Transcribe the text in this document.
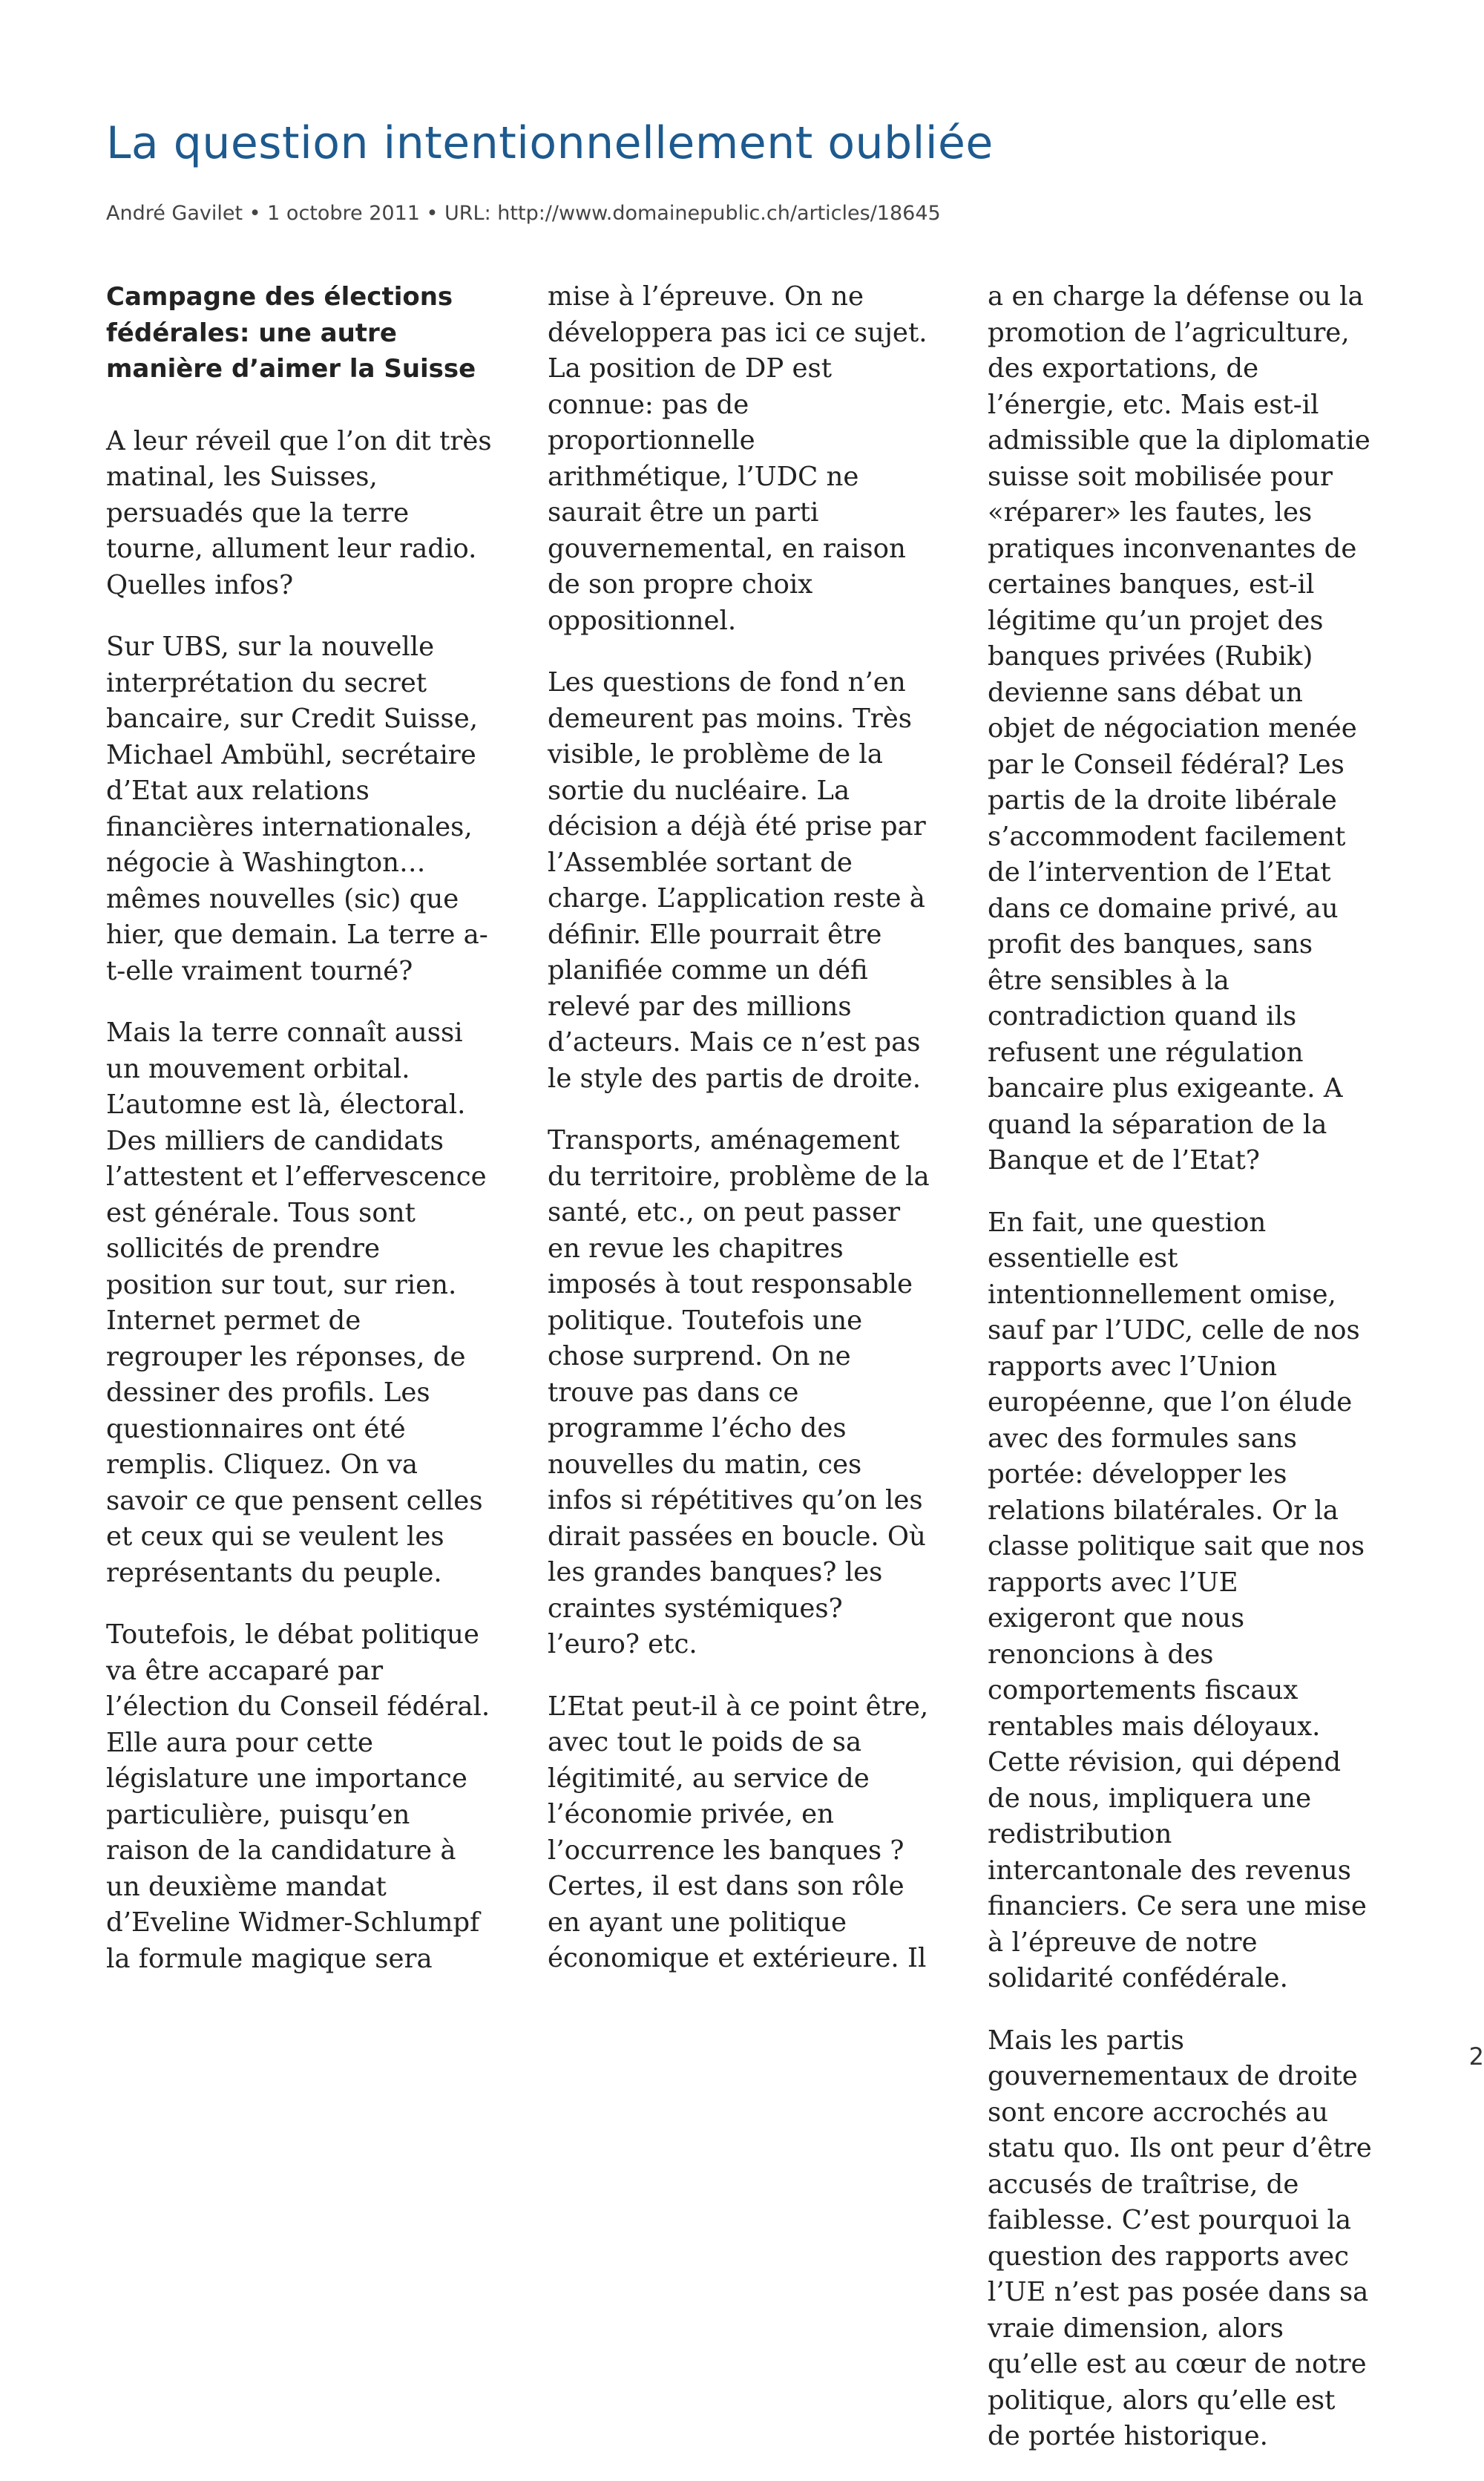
La question intentionnellement oubliée
André Gavilet • 1 octobre 2011 • URL: http://www.domainepublic.ch/articles/18645
Campagne des élections fédérales: une autre manière d’aimer la Suisse

A leur réveil que l’on dit très matinal, les Suisses, persuadés que la terre tourne, allument leur radio. Quelles infos?

Sur UBS, sur la nouvelle interprétation du secret bancaire, sur Credit Suisse, Michael Ambühl, secrétaire d’Etat aux relations financières internationales, négocie à Washington… mêmes nouvelles (sic) que hier, que demain. La terre a-t-elle vraiment tourné?

Mais la terre connaît aussi un mouvement orbital. L’automne est là, électoral. Des milliers de candidats l’attestent et l’effervescence est générale. Tous sont sollicités de prendre position sur tout, sur rien. Internet permet de regrouper les réponses, de dessiner des profils. Les questionnaires ont été remplis. Cliquez. On va savoir ce que pensent celles et ceux qui se veulent les représentants du peuple.

Toutefois, le débat politique va être accaparé par l’élection du Conseil fédéral. Elle aura pour cette législature une importance particulière, puisqu’en raison de la candidature à un deuxième mandat d’Eveline Widmer-Schlumpf la formule magique sera

mise à l’épreuve. On ne développera pas ici ce sujet. La position de DP est connue: pas de proportionnelle arithmétique, l’UDC ne saurait être un parti gouvernemental, en raison de son propre choix oppositionnel.

Les questions de fond n’en demeurent pas moins. Très visible, le problème de la sortie du nucléaire. La décision a déjà été prise par l’Assemblée sortant de charge. L’application reste à définir. Elle pourrait être planifiée comme un défi relevé par des millions d’acteurs. Mais ce n’est pas le style des partis de droite.

Transports, aménagement du territoire, problème de la santé, etc., on peut passer en revue les chapitres imposés à tout responsable politique. Toutefois une chose surprend. On ne trouve pas dans ce programme l’écho des nouvelles du matin, ces infos si répétitives qu’on les dirait passées en boucle. Où les grandes banques? les craintes systémiques? l’euro? etc.

L’Etat peut-il à ce point être, avec tout le poids de sa légitimité, au service de l’économie privée, en l’occurrence les banques ? Certes, il est dans son rôle en ayant une politique économique et extérieure. Il

a en charge la défense ou la promotion de l’agriculture, des exportations, de l’énergie, etc. Mais est-il admissible que la diplomatie suisse soit mobilisée pour «réparer» les fautes, les pratiques inconvenantes de certaines banques, est-il légitime qu’un projet des banques privées (Rubik) devienne sans débat un objet de négociation menée par le Conseil fédéral? Les partis de la droite libérale s’accommodent facilement de l’intervention de l’Etat dans ce domaine privé, au profit des banques, sans être sensibles à la contradiction quand ils refusent une régulation bancaire plus exigeante. A quand la séparation de la Banque et de l’Etat?

En fait, une question essentielle est intentionnellement omise, sauf par l’UDC, celle de nos rapports avec l’Union européenne, que l’on élude avec des formules sans portée: développer les relations bilatérales. Or la classe politique sait que nos rapports avec l’UE exigeront que nous renoncions à des comportements fiscaux rentables mais déloyaux. Cette révision, qui dépend de nous, impliquera une redistribution intercantonale des revenus financiers. Ce sera une mise à l’épreuve de notre solidarité confédérale.

Mais les partis gouvernementaux de droite sont encore accrochés au statu quo. Ils ont peur d’être accusés de traîtrise, de faiblesse. C’est pourquoi la question des rapports avec l’UE n’est pas posée dans sa vraie dimension, alors qu’elle est au cœur de notre politique, alors qu’elle est de portée historique.

2
